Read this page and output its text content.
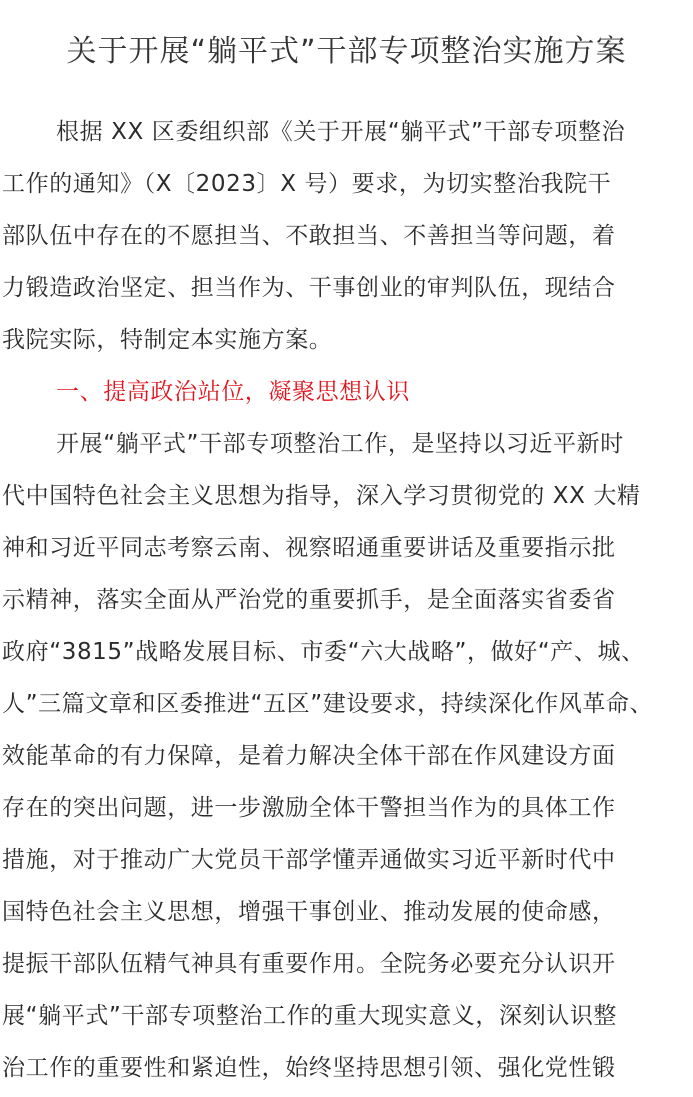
关于开展“躺平式”干部专项整治实施方案
根据 XX 区委组织部《关于开展“躺平式”干部专项整治
工作的通知》（X〔2023〕X 号）要求，为切实整治我院干
部队伍中存在的不愿担当、不敢担当、不善担当等问题，着
力锻造政治坚定、担当作为、干事创业的审判队伍，现结合
我院实际，特制定本实施方案。
一、提高政治站位，凝聚思想认识
开展“躺平式”干部专项整治工作，是坚持以习近平新时
代中国特色社会主义思想为指导，深入学习贯彻党的 XX 大精
神和习近平同志考察云南、视察昭通重要讲话及重要指示批
示精神，落实全面从严治党的重要抓手，是全面落实省委省
政府“3815”战略发展目标、市委“六大战略”，做好“产、城、
人”三篇文章和区委推进“五区”建设要求，持续深化作风革命、
效能革命的有力保障，是着力解决全体干部在作风建设方面
存在的突出问题，进一步激励全体干警担当作为的具体工作
措施，对于推动广大党员干部学懂弄通做实习近平新时代中
国特色社会主义思想，增强干事创业、推动发展的使命感，
提振干部队伍精气神具有重要作用。全院务必要充分认识开
展“躺平式”干部专项整治工作的重大现实意义，深刻认识整
治工作的重要性和紧迫性，始终坚持思想引领、强化党性锻
